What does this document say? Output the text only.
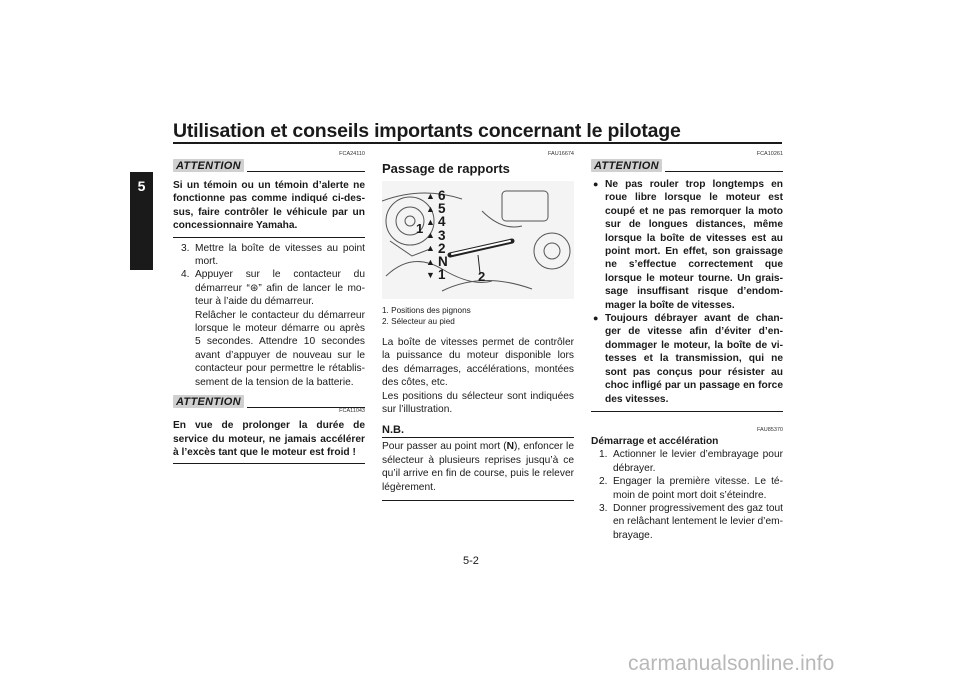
Utilisation et conseils importants concernant le pilotage
5
FCA24110
ATTENTION
Si un témoin ou un témoin d’alerte ne fonctionne pas comme indiqué ci-des-sus, faire contrôler le véhicule par un concessionnaire Yamaha.
3. Mettre la boîte de vitesses au point mort.
4. Appuyer sur le contacteur du démarreur “⊛” afin de lancer le mo-teur à l’aide du démarreur.
Relâcher le contacteur du démarreur lorsque le moteur démarre ou après 5 secondes. Attendre 10 secondes avant d’appuyer de nouveau sur le contacteur pour permettre le rétablis-sement de la tension de la batterie.
ATTENTION
FCA11043
En vue de prolonger la durée de service du moteur, ne jamais accélérer à l’excès tant que le moteur est froid !
FAU16674
Passage de rapports
▲ 6
▲ 5
▲ 4
▲ 3
▲ 2
▲ N
▼ 1
1
2
1. Positions des pignons
2. Sélecteur au pied
La boîte de vitesses permet de contrôler la puissance du moteur disponible lors des démarrages, accélérations, montées des côtes, etc.
Les positions du sélecteur sont indiquées sur l’illustration.
N.B.
Pour passer au point mort (N), enfoncer le sélecteur à plusieurs reprises jusqu’à ce qu’il arrive en fin de course, puis le relever légèrement.
FCA10261
ATTENTION
● Ne pas rouler trop longtemps en roue libre lorsque le moteur est coupé et ne pas remorquer la moto sur de longues distances, même lorsque la boîte de vitesses est au point mort. En effet, son graissage ne s’effectue correctement que lorsque le moteur tourne. Un grais-sage insuffisant risque d’endom-mager la boîte de vitesses.
● Toujours débrayer avant de chan-ger de vitesse afin d’éviter d’en-dommager le moteur, la boîte de vi-tesses et la transmission, qui ne sont pas conçus pour résister au choc infligé par un passage en force des vitesses.
FAU85370
Démarrage et accélération
1. Actionner le levier d’embrayage pour débrayer.
2. Engager la première vitesse. Le té-moin de point mort doit s’éteindre.
3. Donner progressivement des gaz tout en relâchant lentement le levier d’em-brayage.
5-2
carmanualsonline.info
